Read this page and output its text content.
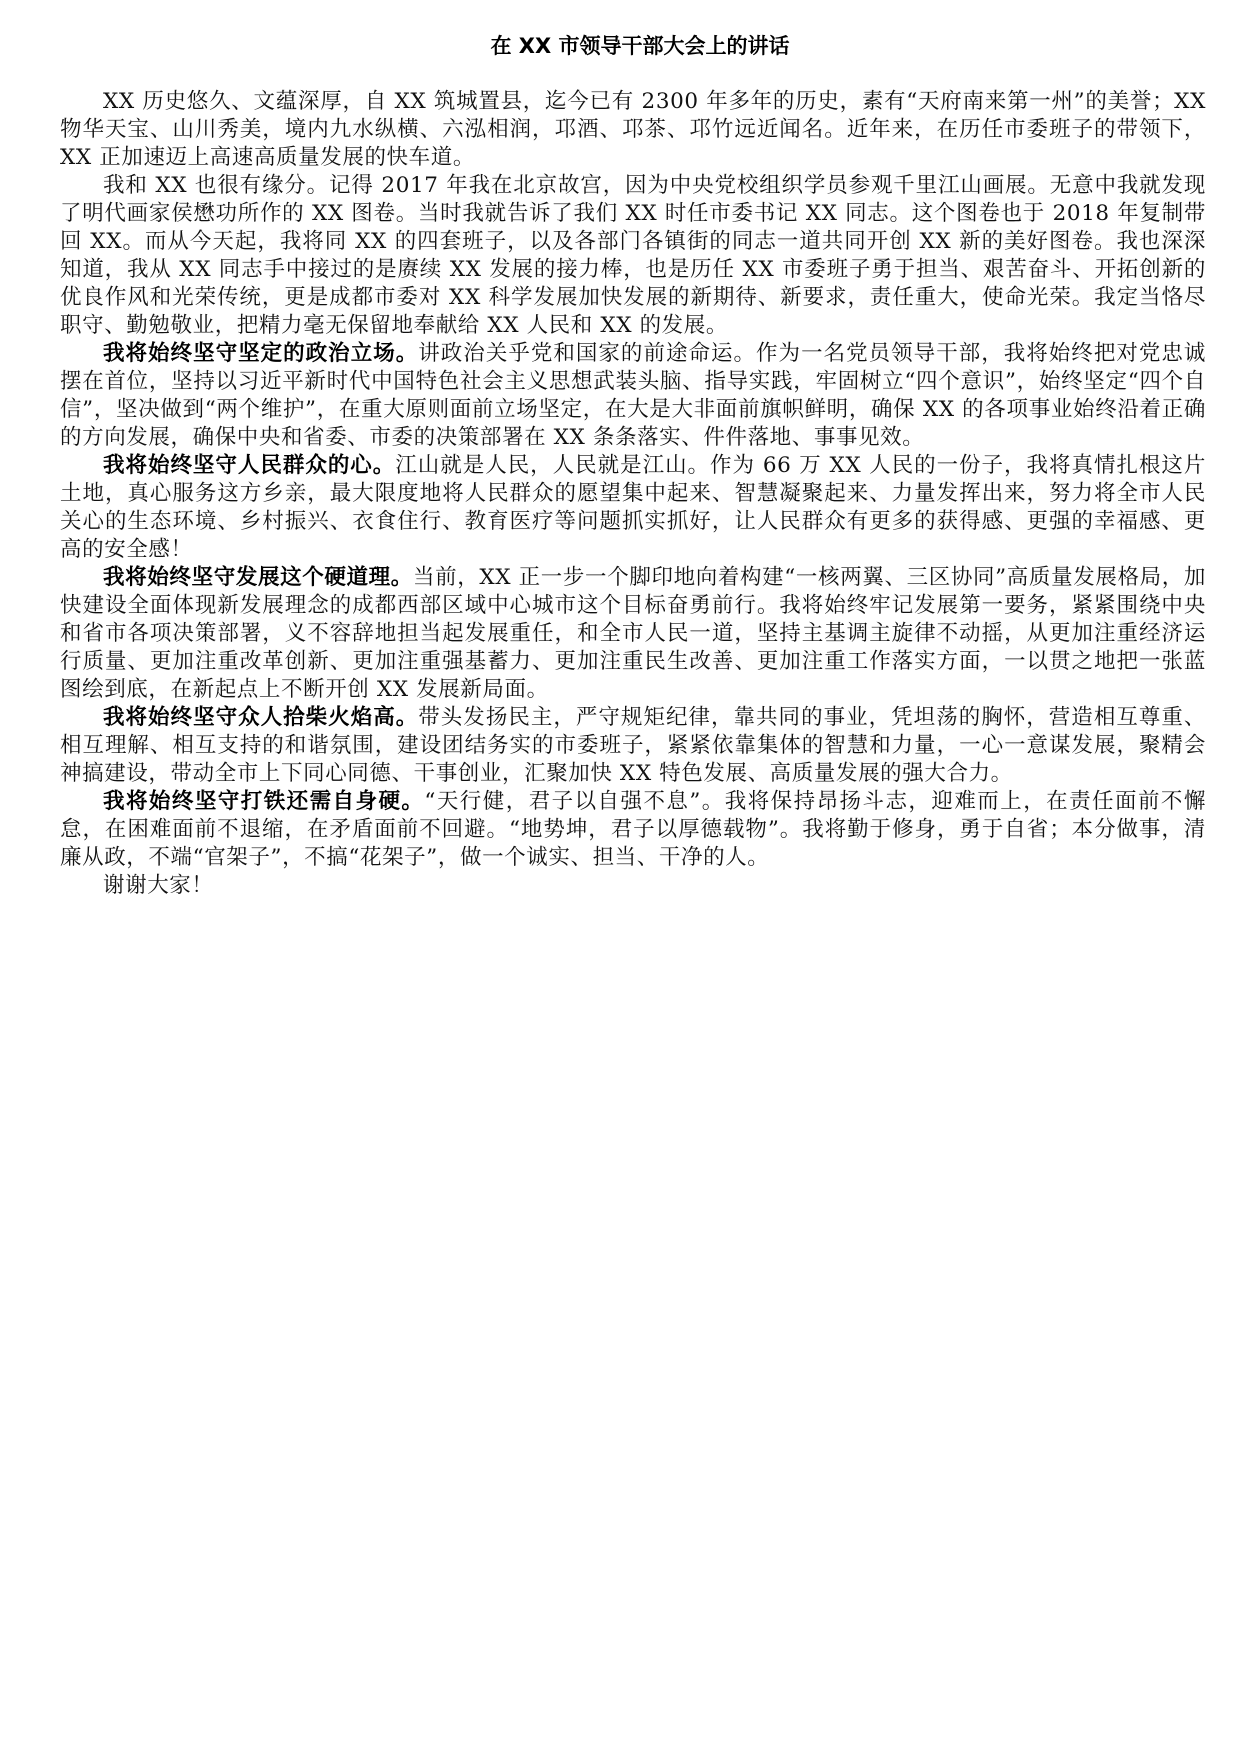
在 XX 市领导干部大会上的讲话

XX 历史悠久、文蕴深厚，自 XX 筑城置县，迄今已有 2300 年多年的历史，素有“天府南来第一州”的美誉；XX 物华天宝、山川秀美，境内九水纵横、六泓相润，邛酒、邛茶、邛竹远近闻名。近年来，在历任市委班子的带领下，XX 正加速迈上高速高质量发展的快车道。

我和 XX 也很有缘分。记得 2017 年我在北京故宫，因为中央党校组织学员参观千里江山画展。无意中我就发现了明代画家侯懋功所作的 XX 图卷。当时我就告诉了我们 XX 时任市委书记 XX 同志。这个图卷也于 2018 年复制带回 XX。而从今天起，我将同 XX 的四套班子，以及各部门各镇街的同志一道共同开创 XX 新的美好图卷。我也深深知道，我从 XX 同志手中接过的是赓续 XX 发展的接力棒，也是历任 XX 市委班子勇于担当、艰苦奋斗、开拓创新的优良作风和光荣传统，更是成都市委对 XX 科学发展加快发展的新期待、新要求，责任重大，使命光荣。我定当恪尽职守、勤勉敬业，把精力毫无保留地奉献给 XX 人民和 XX 的发展。

我将始终坚守坚定的政治立场。讲政治关乎党和国家的前途命运。作为一名党员领导干部，我将始终把对党忠诚摆在首位，坚持以习近平新时代中国特色社会主义思想武装头脑、指导实践，牢固树立“四个意识”，始终坚定“四个自信”，坚决做到“两个维护”，在重大原则面前立场坚定，在大是大非面前旗帜鲜明，确保 XX 的各项事业始终沿着正确的方向发展，确保中央和省委、市委的决策部署在 XX 条条落实、件件落地、事事见效。

我将始终坚守人民群众的心。江山就是人民，人民就是江山。作为 66 万 XX 人民的一份子，我将真情扎根这片土地，真心服务这方乡亲，最大限度地将人民群众的愿望集中起来、智慧凝聚起来、力量发挥出来，努力将全市人民关心的生态环境、乡村振兴、衣食住行、教育医疗等问题抓实抓好，让人民群众有更多的获得感、更强的幸福感、更高的安全感！

我将始终坚守发展这个硬道理。当前，XX 正一步一个脚印地向着构建“一核两翼、三区协同”高质量发展格局，加快建设全面体现新发展理念的成都西部区域中心城市这个目标奋勇前行。我将始终牢记发展第一要务，紧紧围绕中央和省市各项决策部署，义不容辞地担当起发展重任，和全市人民一道，坚持主基调主旋律不动摇，从更加注重经济运行质量、更加注重改革创新、更加注重强基蓄力、更加注重民生改善、更加注重工作落实方面，一以贯之地把一张蓝图绘到底，在新起点上不断开创 XX 发展新局面。

我将始终坚守众人拾柴火焰高。带头发扬民主，严守规矩纪律，靠共同的事业，凭坦荡的胸怀，营造相互尊重、相互理解、相互支持的和谐氛围，建设团结务实的市委班子，紧紧依靠集体的智慧和力量，一心一意谋发展，聚精会神搞建设，带动全市上下同心同德、干事创业，汇聚加快 XX 特色发展、高质量发展的强大合力。

我将始终坚守打铁还需自身硬。“天行健，君子以自强不息”。我将保持昂扬斗志，迎难而上，在责任面前不懈怠，在困难面前不退缩，在矛盾面前不回避。“地势坤，君子以厚德载物”。我将勤于修身，勇于自省；本分做事，清廉从政，不端“官架子”，不搞“花架子”，做一个诚实、担当、干净的人。

谢谢大家！
